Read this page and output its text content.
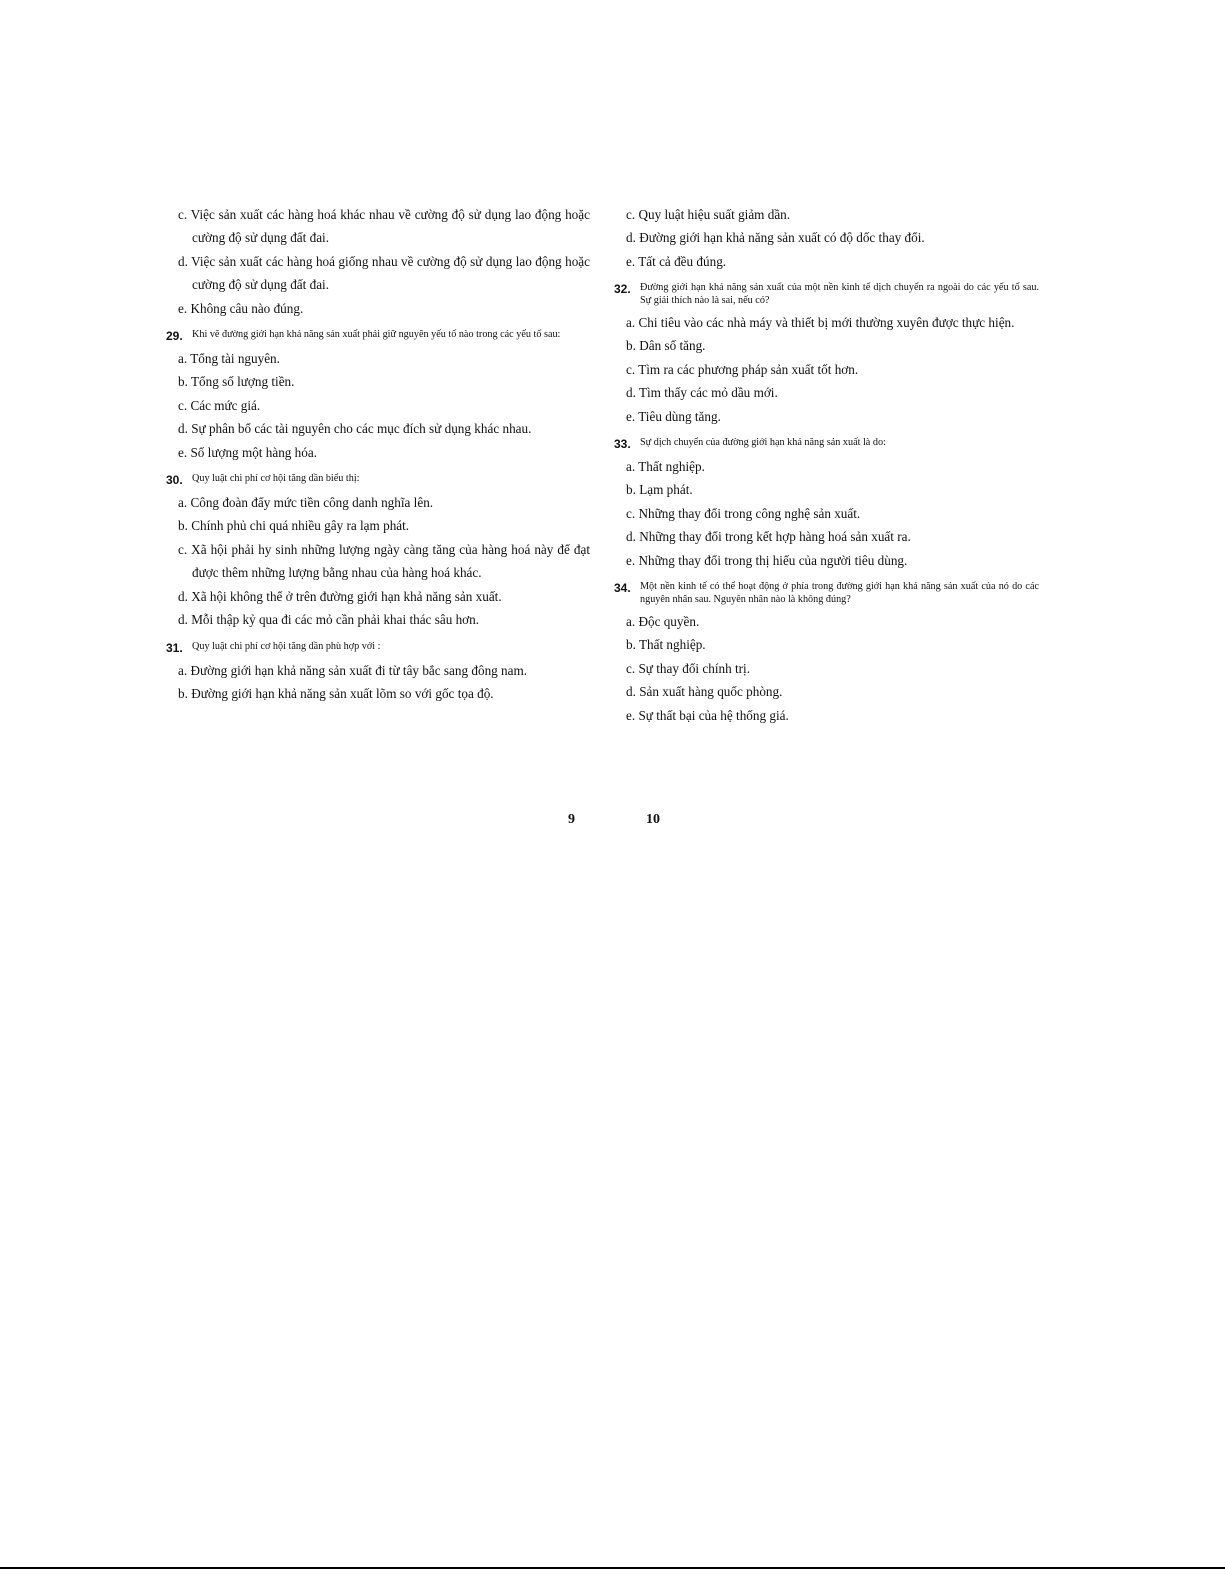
c. Việc sản xuất các hàng hoá khác nhau về cường độ sử dụng lao động hoặc cường độ sử dụng đất đai.
d. Việc sản xuất các hàng hoá giống nhau về cường độ sử dụng lao động hoặc cường độ sử dụng đất đai.
e. Không câu nào đúng.
29. Khi vẽ đường giới hạn khả năng sản xuất phải giữ nguyên yếu tố nào trong các yếu tố sau:
a. Tổng tài nguyên.
b. Tổng số lượng tiền.
c. Các mức giá.
d. Sự phân bổ các tài nguyên cho các mục đích sử dụng khác nhau.
e. Số lượng một hàng hóa.
30. Quy luật chi phí cơ hội tăng dần biểu thị:
a. Công đoàn đẩy mức tiền công danh nghĩa lên.
b. Chính phủ chi quá nhiều gây ra lạm phát.
c. Xã hội phải hy sinh những lượng ngày càng tăng của hàng hoá này để đạt được thêm những lượng bằng nhau của hàng hoá khác.
d. Xã hội không thể ở trên đường giới hạn khả năng sản xuất.
d. Mỗi thập kỷ qua đi các mỏ cần phải khai thác sâu hơn.
31. Quy luật chi phí cơ hội tăng dần phù hợp với :
a. Đường giới hạn khả năng sản xuất đi từ tây bắc sang đông nam.
b. Đường giới hạn khả năng sản xuất lõm so với gốc tọa độ.
c. Quy luật hiệu suất giảm dần.
d. Đường giới hạn khả năng sản xuất có độ dốc thay đổi.
e. Tất cả đều đúng.
32. Đường giới hạn khả năng sản xuất của một nền kinh tế dịch chuyển ra ngoài do các yếu tố sau. Sự giải thích nào là sai, nếu có?
a. Chi tiêu vào các nhà máy và thiết bị mới thường xuyên được thực hiện.
b. Dân số tăng.
c. Tìm ra các phương pháp sản xuất tốt hơn.
d. Tìm thấy các mỏ dầu mới.
e. Tiêu dùng tăng.
33. Sự dịch chuyển của đường giới hạn khả năng sản xuất là do:
a. Thất nghiệp.
b. Lạm phát.
c. Những thay đổi trong công nghệ sản xuất.
d. Những thay đổi trong kết hợp hàng hoá sản xuất ra.
e. Những thay đổi trong thị hiếu của người tiêu dùng.
34. Một nền kinh tế có thể hoạt động ở phía trong đường giới hạn khả năng sản xuất của nó do các nguyên nhân sau. Nguyên nhân nào là không đúng?
a. Độc quyền.
b. Thất nghiệp.
c. Sự thay đổi chính trị.
d. Sản xuất hàng quốc phòng.
e. Sự thất bại của hệ thống giá.
9	10
